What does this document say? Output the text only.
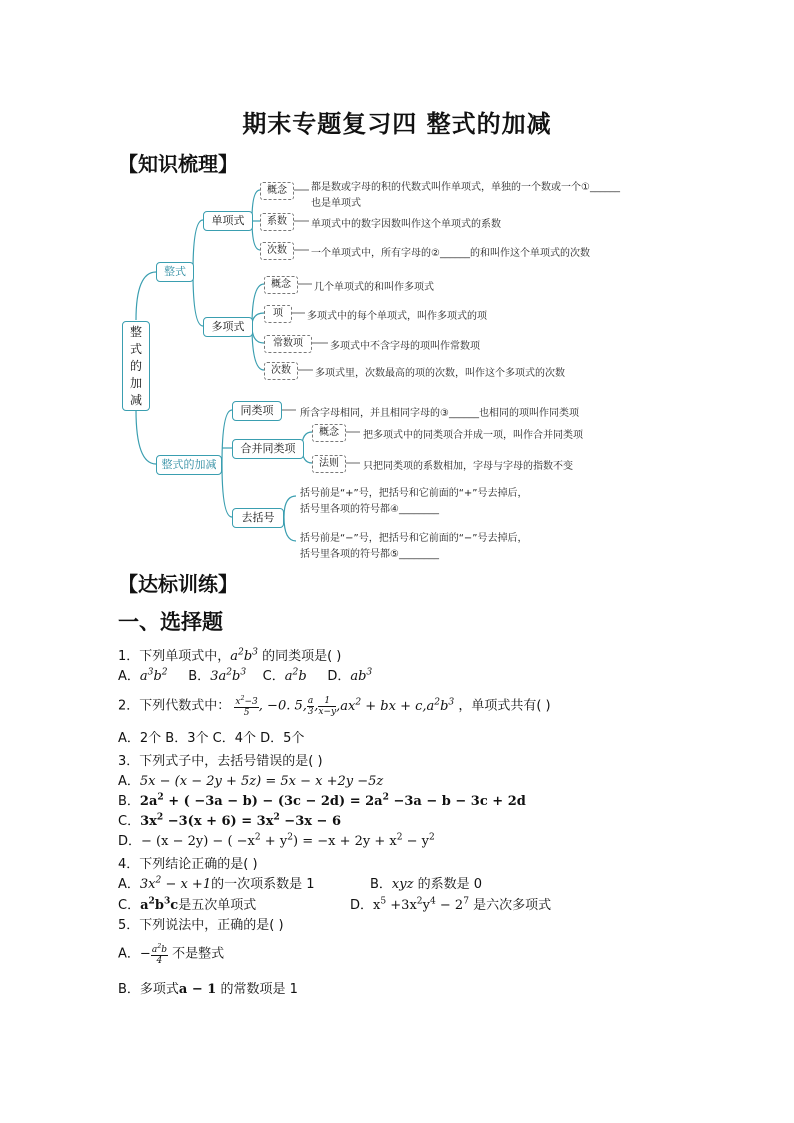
期末专题复习四 整式的加减
【知识梳理】
整式的加减
整式
整式的加减
单项式
多项式
概念	都是数或字母的积的代数式叫作单项式，单独的一个数或一个①______
也是单项式
系数	单项式中的数字因数叫作这个单项式的系数
次数	一个单项式中，所有字母的②______的和叫作这个单项式的次数
概念	几个单项式的和叫作多项式
项	多项式中的每个单项式，叫作多项式的项
常数项	多项式中不含字母的项叫作常数项
次数	多项式里，次数最高的项的次数，叫作这个多项式的次数
同类项	所含字母相同，并且相同字母的③______也相同的项叫作同类项
合并同类项
概念	把多项式中的同类项合并成一项，叫作合并同类项
法则	只把同类项的系数相加，字母与字母的指数不变
去括号
括号前是“+”号，把括号和它前面的“+”号去掉后，
括号里各项的符号都④________
括号前是“−”号，把括号和它前面的“−”号去掉后，
括号里各项的符号都⑤________
【达标训练】
一、选择题
1．下列单项式中，$a^2b^3$ 的同类项是( )
A．$a^3b^2$ B．$3a^2b^3$ C．$a^2b$ D．$ab^3$
2．下列代数式中： $\frac{x^2-3}{5}$ , −0. 5, $\frac{a}{3}$ , $\frac{1}{x-y} ,ax^2$ + bx + $c,a^2b^3$ ，单项式共有( )
A．2个 B．3个 C．4个 D．5个
3．下列式子中，去括号错误的是( )
A．5x − (x − 2y + 5z) = 5x − x +2y −5z
B．$2a^2$ + ( $-3a - b) - (3c - 2d) = 2a^2 -3a - b - 3c + 2d$
C．$3x^2 -3(x + 6) = 3x^2 -3x - 6$
D．− (x − 2y) − ( $-x^2 + y^2) = -x + 2y + x^2 - y^2$
4．下列结论正确的是( )
A．$3x^2 - x +1$的一次项系数是 1	B．xyz 的系数是 0
C．$a^2b^3c$是五次单项式	D．$x^5 +3x^2y^4 - 2^7$ 是六次多项式
5．下列说法中，正确的是( )
A．− $\frac{a^2b}{4}$ 不是整式
B．多项式a − 1 的常数项是 1
